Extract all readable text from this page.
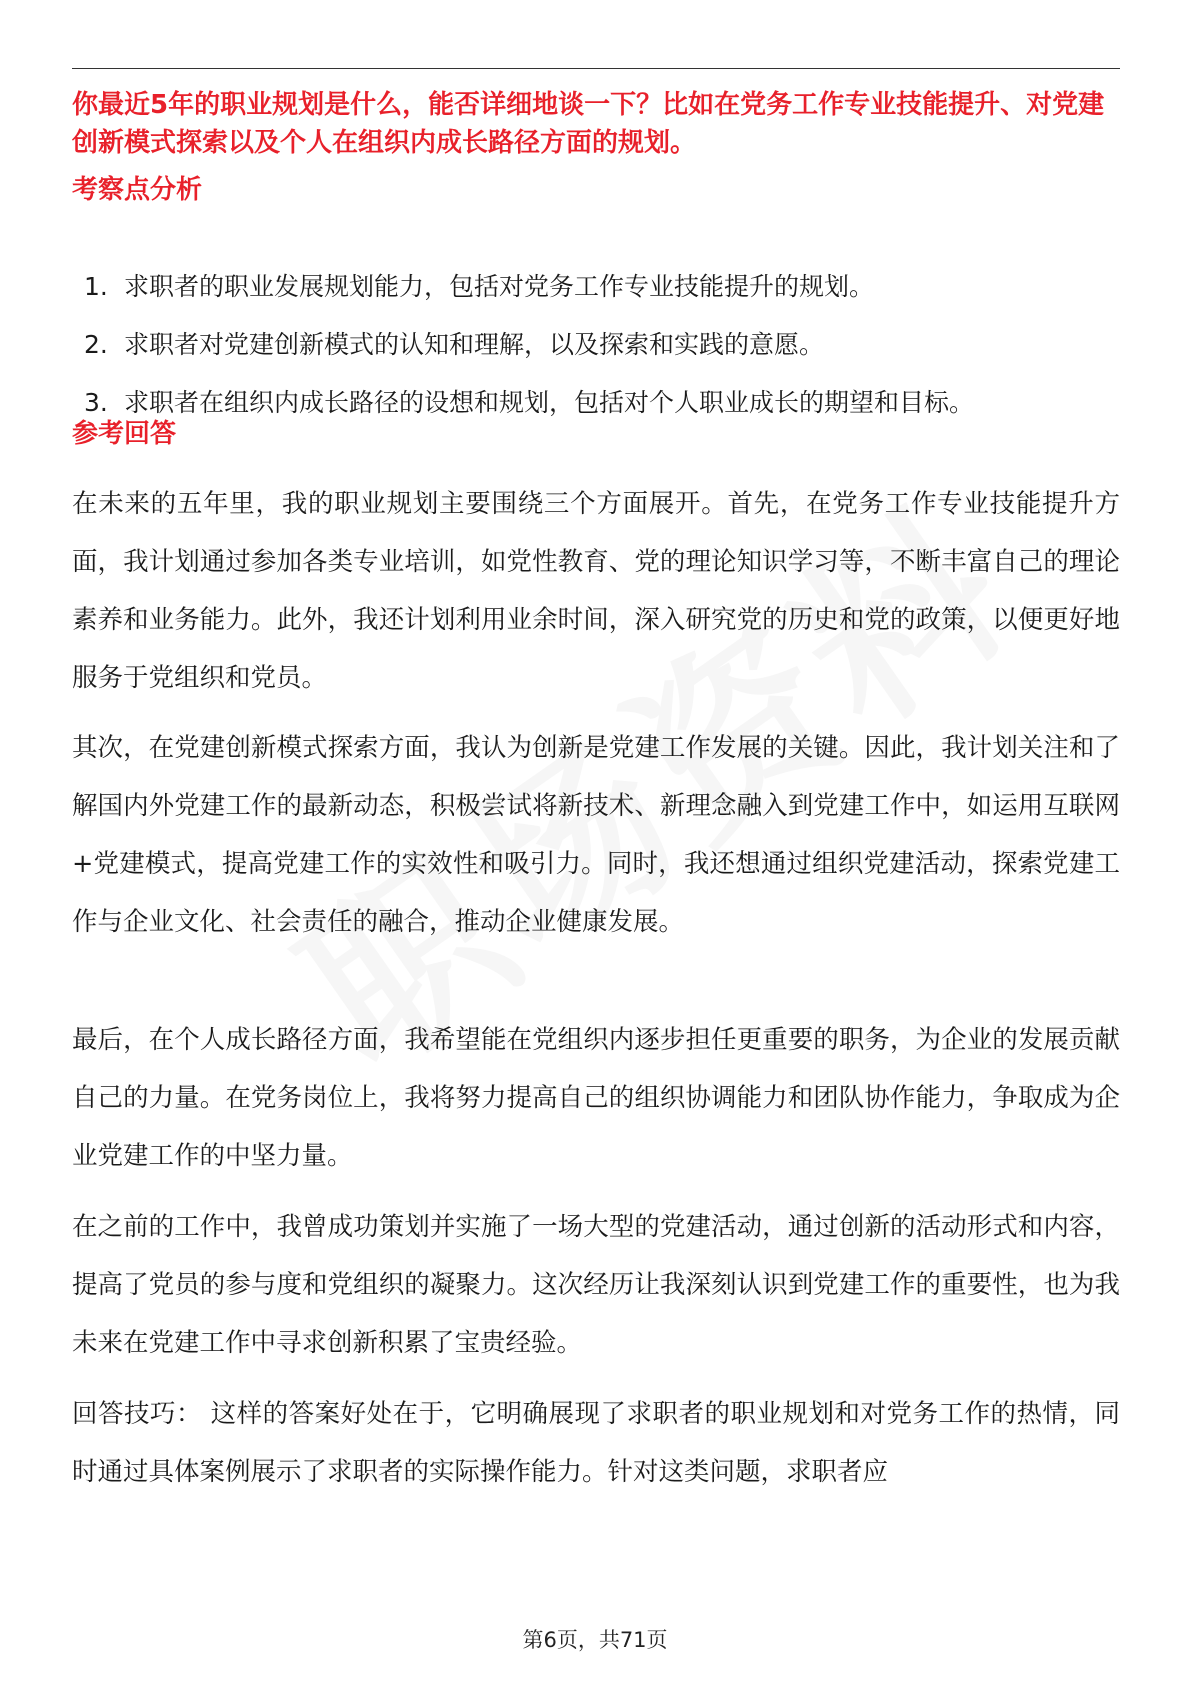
你最近5年的职业规划是什么，能否详细地谈一下？比如在党务工作专业技能提升、对党建创新模式探索以及个人在组织内成长路径方面的规划。

考察点分析
1. 求职者的职业发展规划能力，包括对党务工作专业技能提升的规划。
2. 求职者对党建创新模式的认知和理解，以及探索和实践的意愿。
3. 求职者在组织内成长路径的设想和规划，包括对个人职业成长的期望和目标。
参考回答

在未来的五年里，我的职业规划主要围绕三个方面展开。首先，在党务工作专业技能提升方面，我计划通过参加各类专业培训，如党性教育、党的理论知识学习等，不断丰富自己的理论素养和业务能力。此外，我还计划利用业余时间，深入研究党的历史和党的政策，以便更好地服务于党组织和党员。

其次，在党建创新模式探索方面，我认为创新是党建工作发展的关键。因此，我计划关注和了解国内外党建工作的最新动态，积极尝试将新技术、新理念融入到党建工作中，如运用互联网+党建模式，提高党建工作的实效性和吸引力。同时，我还想通过组织党建活动，探索党建工作与企业文化、社会责任的融合，推动企业健康发展。

最后，在个人成长路径方面，我希望能在党组织内逐步担任更重要的职务，为企业的发展贡献自己的力量。在党务岗位上，我将努力提高自己的组织协调能力和团队协作能力，争取成为企业党建工作的中坚力量。

在之前的工作中，我曾成功策划并实施了一场大型的党建活动，通过创新的活动形式和内容，提高了党员的参与度和党组织的凝聚力。这次经历让我深刻认识到党建工作的重要性，也为我未来在党建工作中寻求创新积累了宝贵经验。

回答技巧： 这样的答案好处在于，它明确展现了求职者的职业规划和对党务工作的热情，同时通过具体案例展示了求职者的实际操作能力。针对这类问题，求职者应

第6页，共71页
